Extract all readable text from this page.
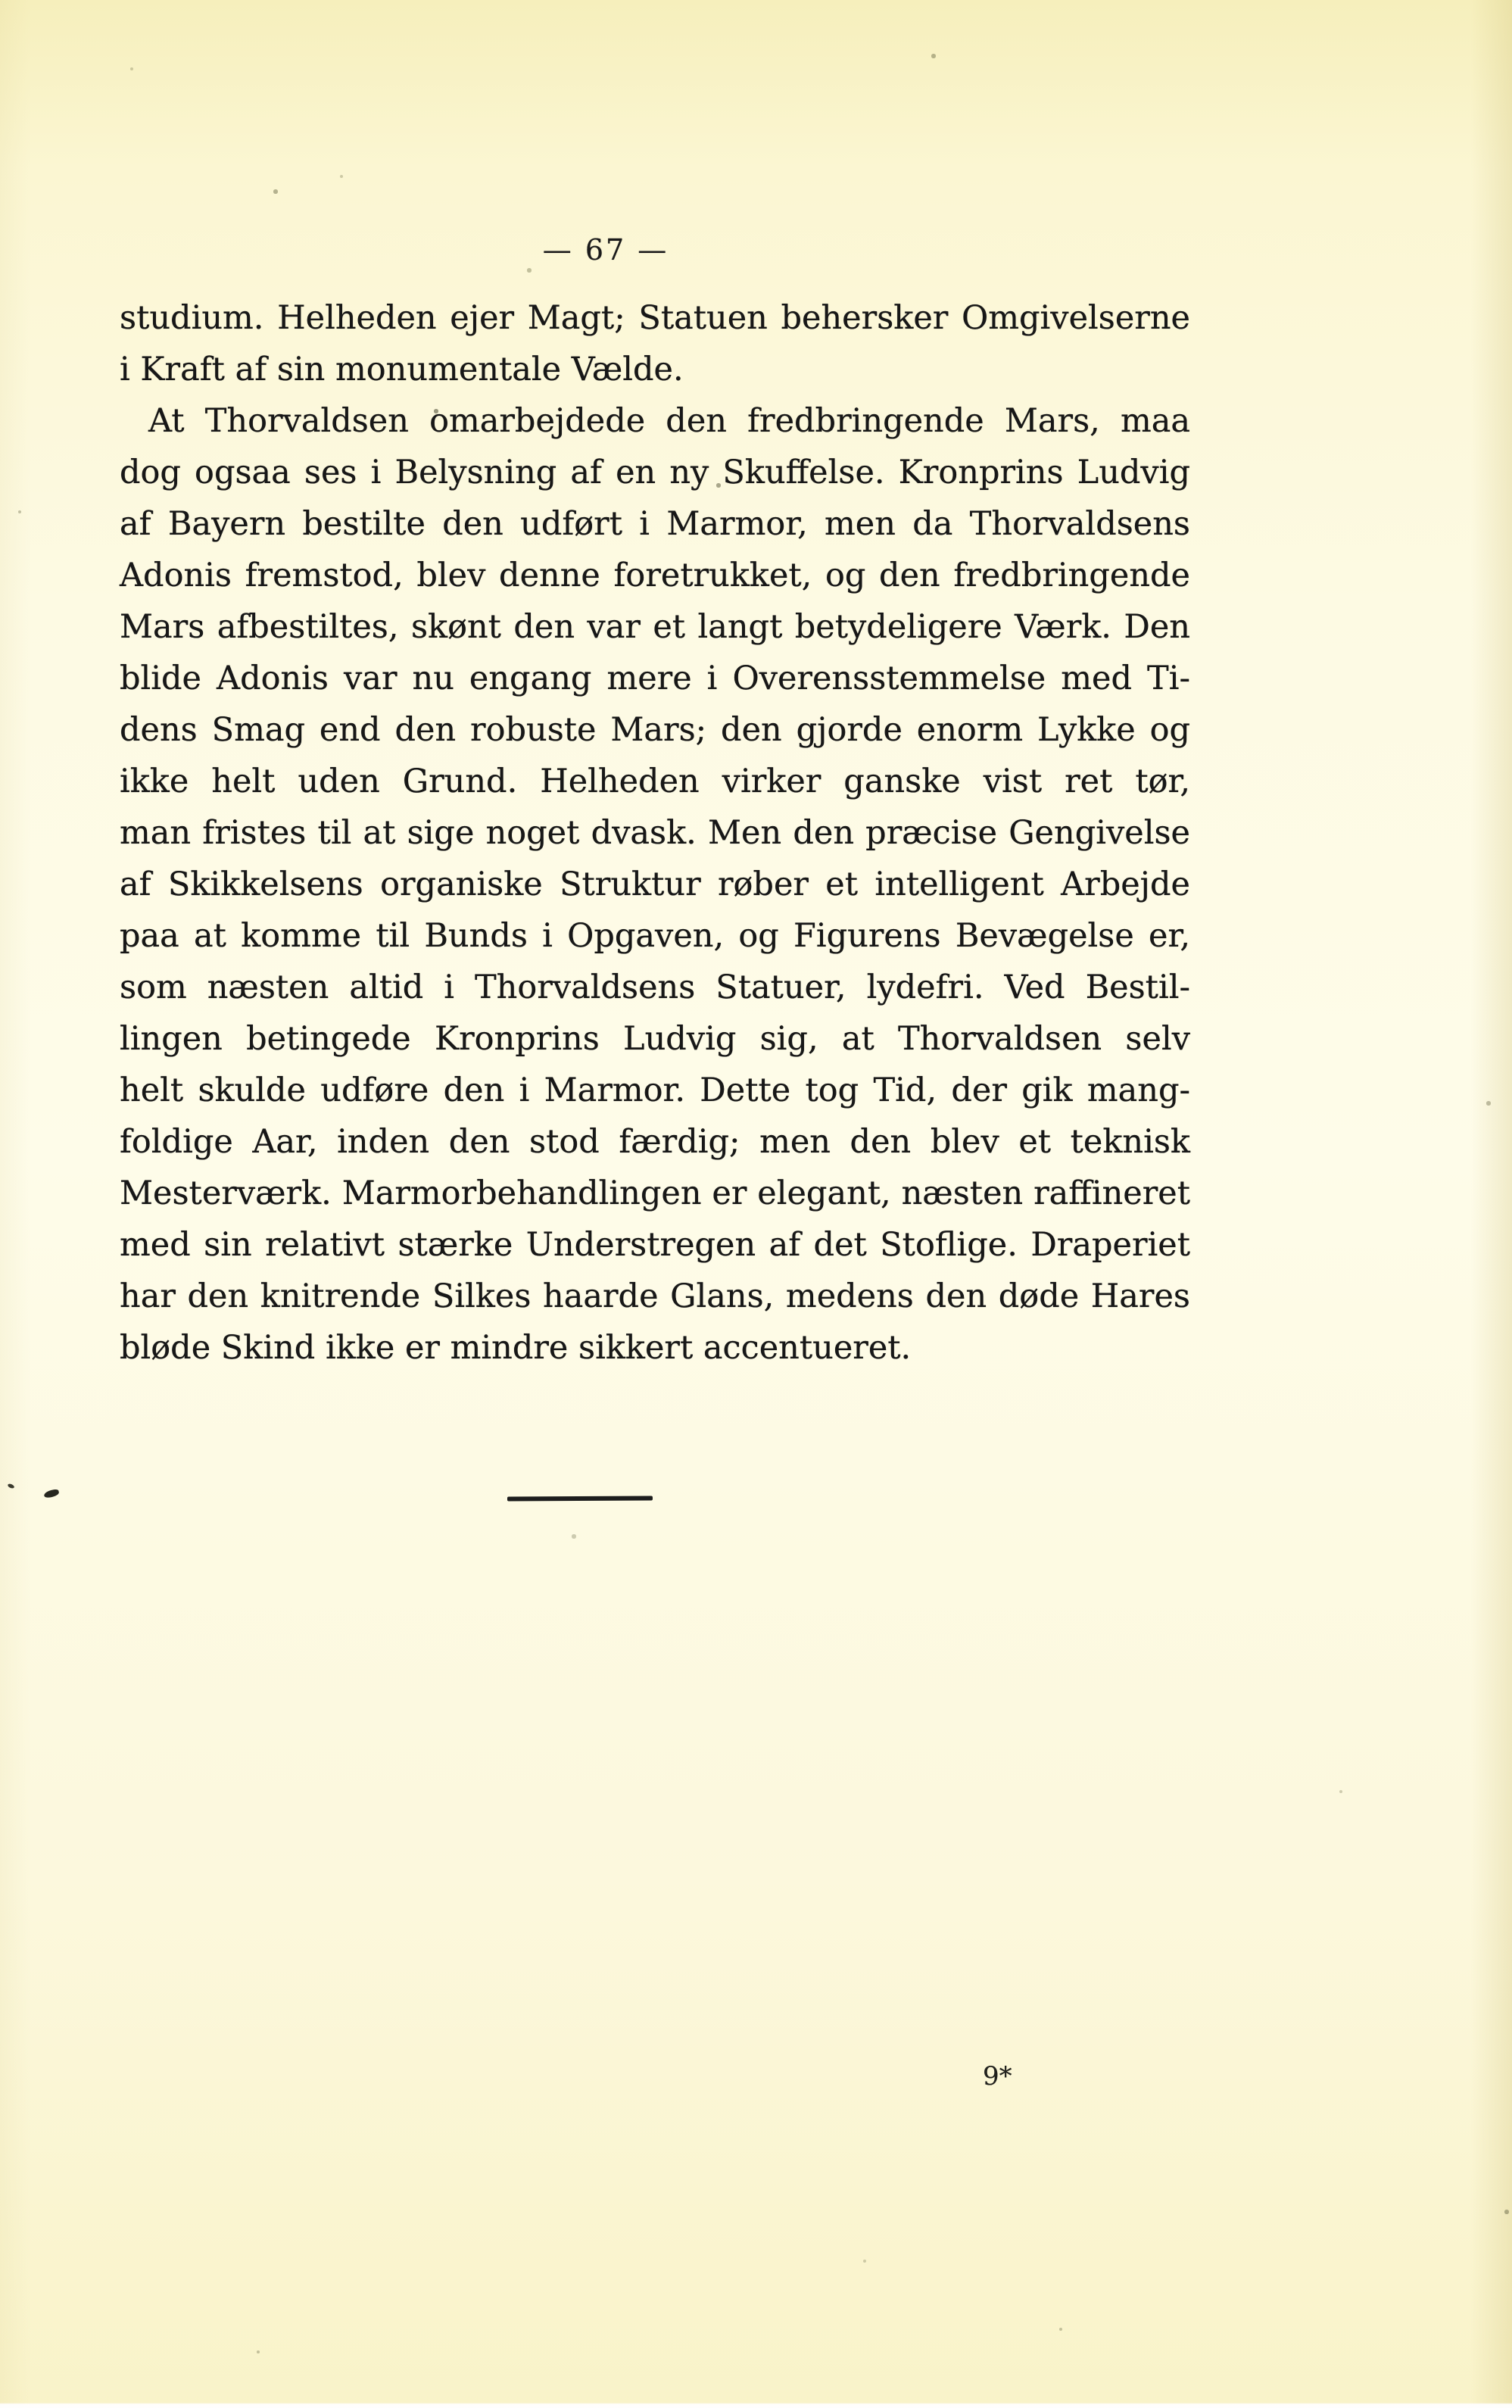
— 67 —
studium. Helheden ejer Magt; Statuen behersker Omgivelserne
i Kraft af sin monumentale Vælde.
At Thorvaldsen omarbejdede den fredbringende Mars, maa
dog ogsaa ses i Belysning af en ny Skuffelse. Kronprins Ludvig
af Bayern bestilte den udført i Marmor, men da Thorvaldsens
Adonis fremstod, blev denne foretrukket, og den fredbringende
Mars afbestiltes, skønt den var et langt betydeligere Værk. Den
blide Adonis var nu engang mere i Overensstemmelse med Ti-
dens Smag end den robuste Mars; den gjorde enorm Lykke og
ikke helt uden Grund. Helheden virker ganske vist ret tør,
man fristes til at sige noget dvask. Men den præcise Gengivelse
af Skikkelsens organiske Struktur røber et intelligent Arbejde
paa at komme til Bunds i Opgaven, og Figurens Bevægelse er,
som næsten altid i Thorvaldsens Statuer, lydefri. Ved Bestil-
lingen betingede Kronprins Ludvig sig, at Thorvaldsen selv
helt skulde udføre den i Marmor. Dette tog Tid, der gik mang-
foldige Aar, inden den stod færdig; men den blev et teknisk
Mesterværk. Marmorbehandlingen er elegant, næsten raffineret
med sin relativt stærke Understregen af det Stoflige. Draperiet
har den knitrende Silkes haarde Glans, medens den døde Hares
bløde Skind ikke er mindre sikkert accentueret.
9*
